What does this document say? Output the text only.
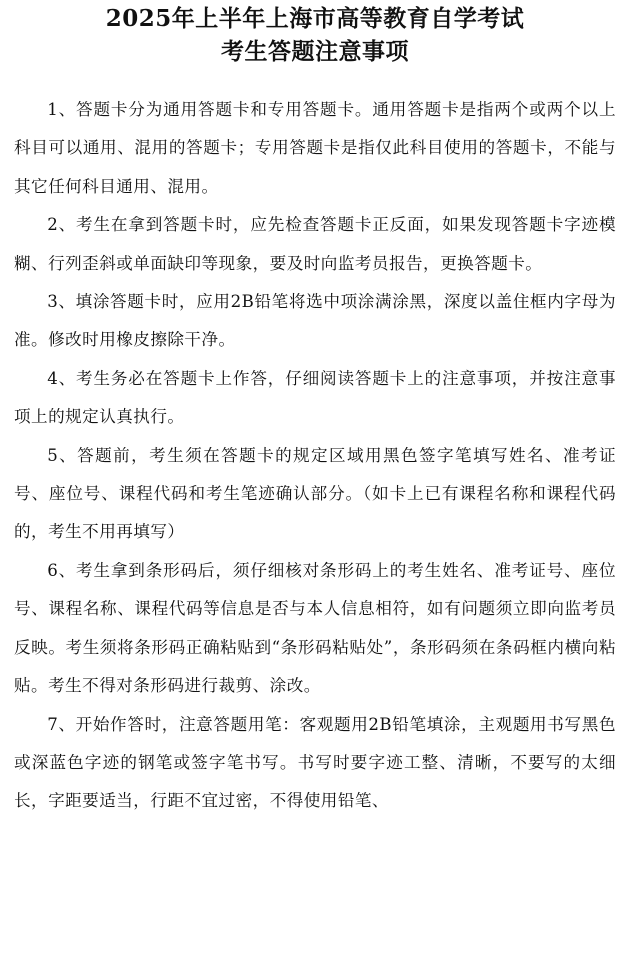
2025年上半年上海市高等教育自学考试
考生答题注意事项

1、答题卡分为通用答题卡和专用答题卡。通用答题卡是指两个或两个以上科目可以通用、混用的答题卡；专用答题卡是指仅此科目使用的答题卡，不能与其它任何科目通用、混用。

2、考生在拿到答题卡时，应先检查答题卡正反面，如果发现答题卡字迹模糊、行列歪斜或单面缺印等现象，要及时向监考员报告，更换答题卡。

3、填涂答题卡时，应用2B铅笔将选中项涂满涂黑，深度以盖住框内字母为准。修改时用橡皮擦除干净。

4、考生务必在答题卡上作答，仔细阅读答题卡上的注意事项，并按注意事项上的规定认真执行。

5、答题前，考生须在答题卡的规定区域用黑色签字笔填写姓名、准考证号、座位号、课程代码和考生笔迹确认部分。（如卡上已有课程名称和课程代码的，考生不用再填写）

6、考生拿到条形码后，须仔细核对条形码上的考生姓名、准考证号、座位号、课程名称、课程代码等信息是否与本人信息相符，如有问题须立即向监考员反映。考生须将条形码正确粘贴到“条形码粘贴处”，条形码须在条码框内横向粘贴。考生不得对条形码进行裁剪、涂改。

7、开始作答时，注意答题用笔：客观题用2B铅笔填涂，主观题用书写黑色或深蓝色字迹的钢笔或签字笔书写。书写时要字迹工整、清晰，不要写的太细长，字距要适当，行距不宜过密，不得使用铅笔、
